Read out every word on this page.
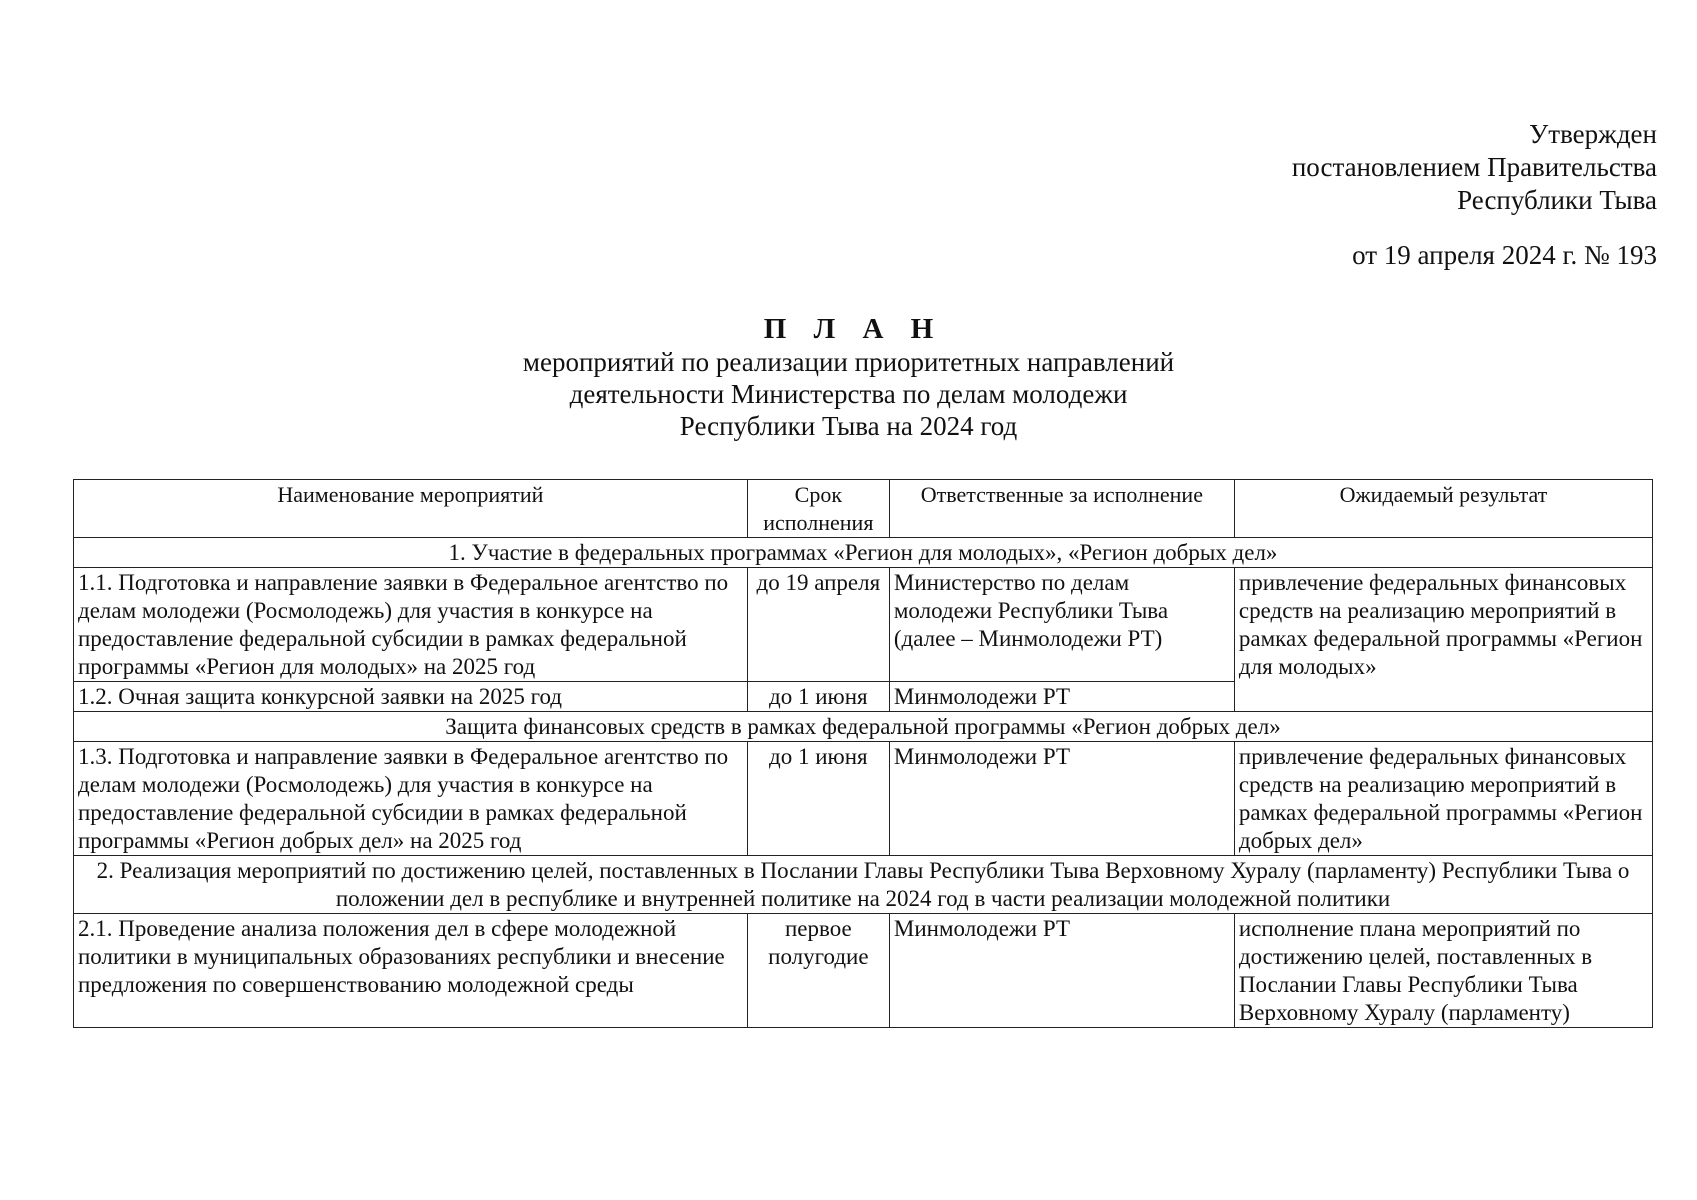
Утвержден
постановлением Правительства
Республики Тыва
от 19 апреля 2024 г. № 193
П Л А Н
мероприятий по реализации приоритетных направлений
деятельности Министерства по делам молодежи
Республики Тыва на 2024 год
Наименование мероприятий	Срок исполнения	Ответственные за исполнение	Ожидаемый результат
1. Участие в федеральных программах «Регион для молодых», «Регион добрых дел»			
1.1. Подготовка и направление заявки в Федеральное агентство по делам молодежи (Росмолодежь) для участия в конкурсе на предоставление федеральной субсидии в рамках федеральной программы «Регион для молодых» на 2025 год	до 19 апреля	Министерство по делам молодежи Республики Тыва (далее – Минмолодежи РТ)	привлечение федеральных финансовых средств на реализацию мероприятий в рамках федеральной программы «Регион для молодых»
1.2. Очная защита конкурсной заявки на 2025 год	до 1 июня	Минмолодежи РТ	
Защита финансовых средств в рамках федеральной программы «Регион добрых дел»			
1.3. Подготовка и направление заявки в Федеральное агентство по делам молодежи (Росмолодежь) для участия в конкурсе на предоставление федеральной субсидии в рамках федеральной программы «Регион добрых дел» на 2025 год	до 1 июня	Минмолодежи РТ	привлечение федеральных финансовых средств на реализацию мероприятий в рамках федеральной программы «Регион добрых дел»
2. Реализация мероприятий по достижению целей, поставленных в Послании Главы Республики Тыва Верховному Хуралу (парламенту) Республики Тыва о положении дел в республике и внутренней политике на 2024 год в части реализации молодежной политики			
2.1. Проведение анализа положения дел в сфере молодежной политики в муниципальных образованиях республики и внесение предложения по совершенствованию молодежной среды	первое полугодие	Минмолодежи РТ	исполнение плана мероприятий по достижению целей, поставленных в Послании Главы Республики Тыва Верховному Хуралу (парламенту)
